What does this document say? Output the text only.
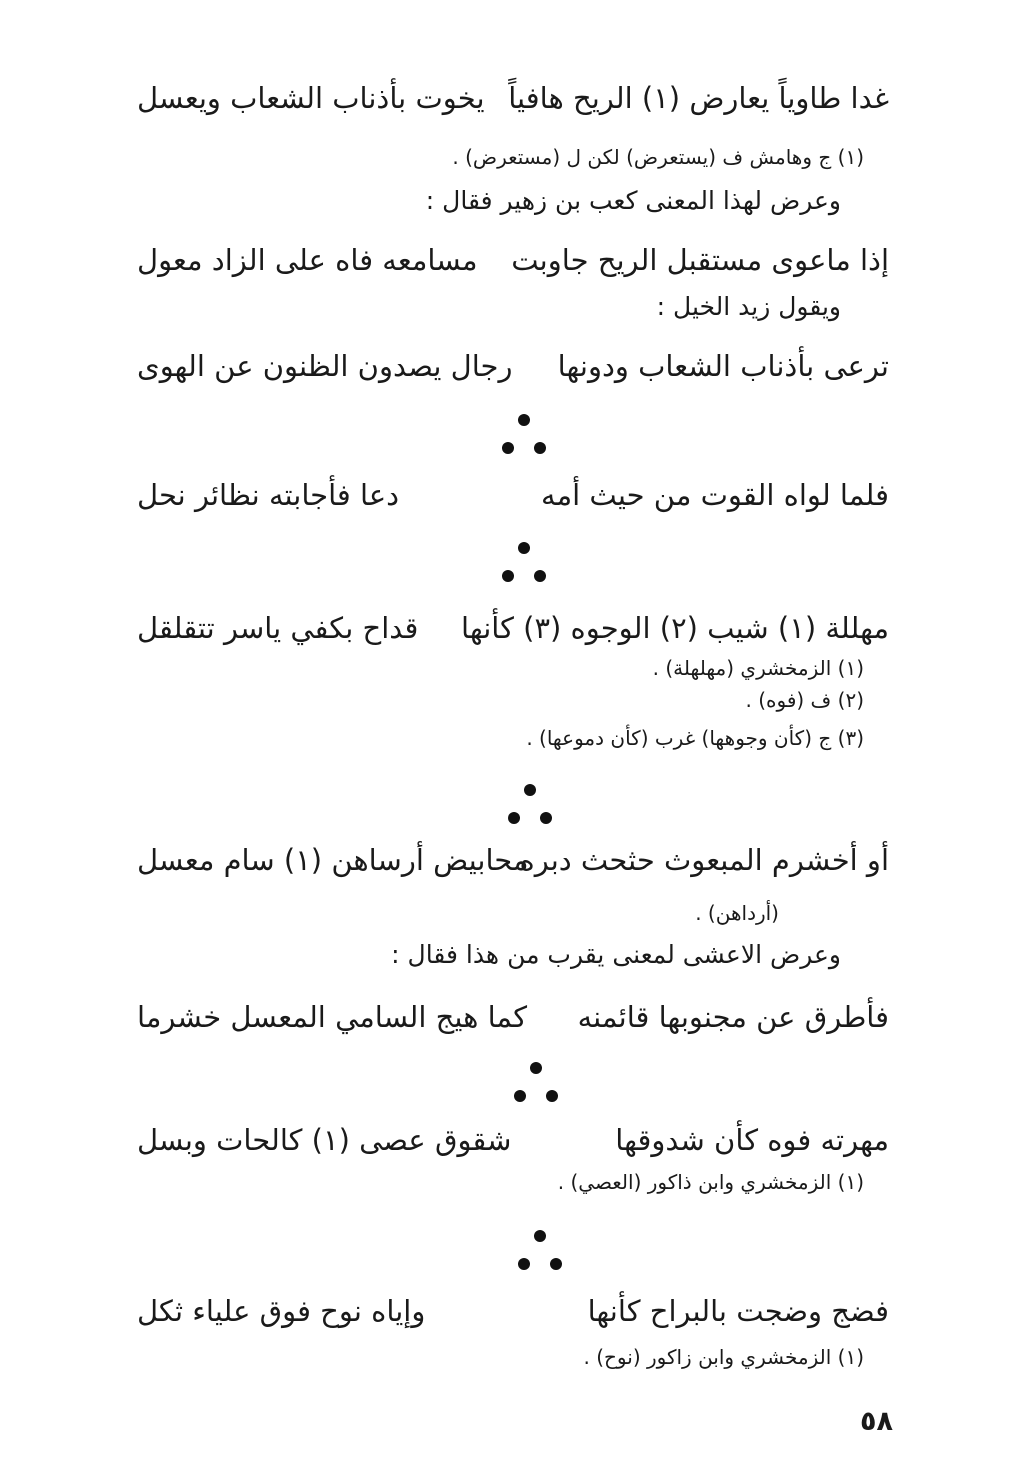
غدا طاوياً يعارض (١) الريح هافياً
يخوت بأذناب الشعاب ويعسل
(١) ج وهامش ف (يستعرض) لكن ل (مستعرض) .
وعرض لهذا المعنى كعب بن زهير فقال :
إذا ماعوى مستقبل الريح جاوبت
مسامعه فاه على الزاد معول
ويقول زيد الخيل :
ترعى بأذناب الشعاب ودونها
رجال يصدون الظنون عن الهوى
فلما لواه القوت من حيث أمه
دعا فأجابته نظائر نحل
مهللة (١) شيب (٢) الوجوه (٣) كأنها
قداح بكفي ياسر تتقلقل
(١) الزمخشري (مهلهلة) .
(٢) ف (فوه) .
(٣) ج (كأن وجوهها) غرب (كأن دموعها) .
أو أخشرم المبعوث حثحث دبره
محابيض أرساهن (١) سام معسل
(أرداهن) .
وعرض الاعشى لمعنى يقرب من هذا فقال :
فأطرق عن مجنوبها قائمنه
كما هيج السامي المعسل خشرما
مهرته فوه كأن شدوقها
شقوق عصى (١) كالحات وبسل
(١) الزمخشري وابن ذاكور (العصي) .
فضج وضجت بالبراح كأنها
وإياه نوح فوق علياء ثكل
(١) الزمخشري وابن زاكور (نوح) .
٥٨
